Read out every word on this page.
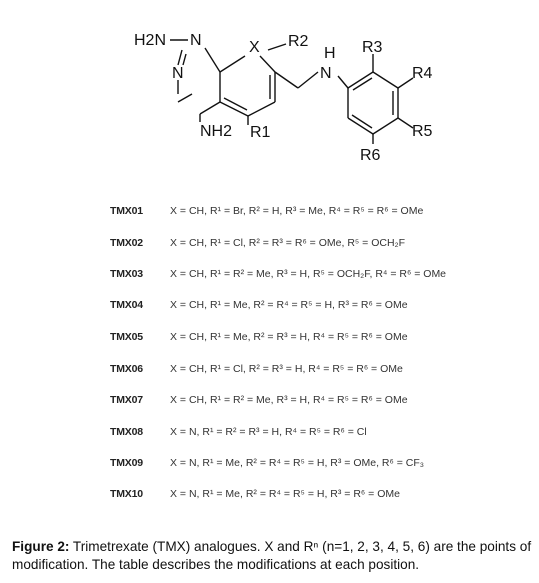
H2N N	X
N
NH2 R1
R2
H
N
R3
R4
R5
R6
TMX01	X = CH, R¹ = Br, R² = H, R³ = Me, R⁴ = R⁵ = R⁶ = OMe
TMX02	X = CH, R¹ = Cl, R² = R³ = R⁶ = OMe, R⁵ = OCH₂F
TMX03	X = CH, R¹ = R² = Me, R³ = H, R⁵ = OCH₂F, R⁴ = R⁶ = OMe
TMX04	X = CH, R¹ = Me, R² = R⁴ = R⁵ = H, R³ = R⁶ = OMe
TMX05	X = CH, R¹ = Me, R² = R³ = H, R⁴ = R⁵ = R⁶ = OMe
TMX06	X = CH, R¹ = Cl, R² = R³ = H, R⁴ = R⁵ = R⁶ = OMe
TMX07	X = CH, R¹ = R² = Me, R³ = H, R⁴ = R⁵ = R⁶ = OMe
TMX08	X = N, R¹ = R² = R³ = H, R⁴ = R⁵ = R⁶ = Cl
TMX09	X = N, R¹ = Me, R² = R⁴ = R⁵ = H, R³ = OMe, R⁶ = CF₃
TMX10	X = N, R¹ = Me, R² = R⁴ = R⁵ = H, R³ = R⁶ = OMe
Figure 2: Trimetrexate (TMX) analogues. X and Rⁿ (n=1, 2, 3, 4, 5, 6) are the points of modification. The table describes the modifications at each position.
